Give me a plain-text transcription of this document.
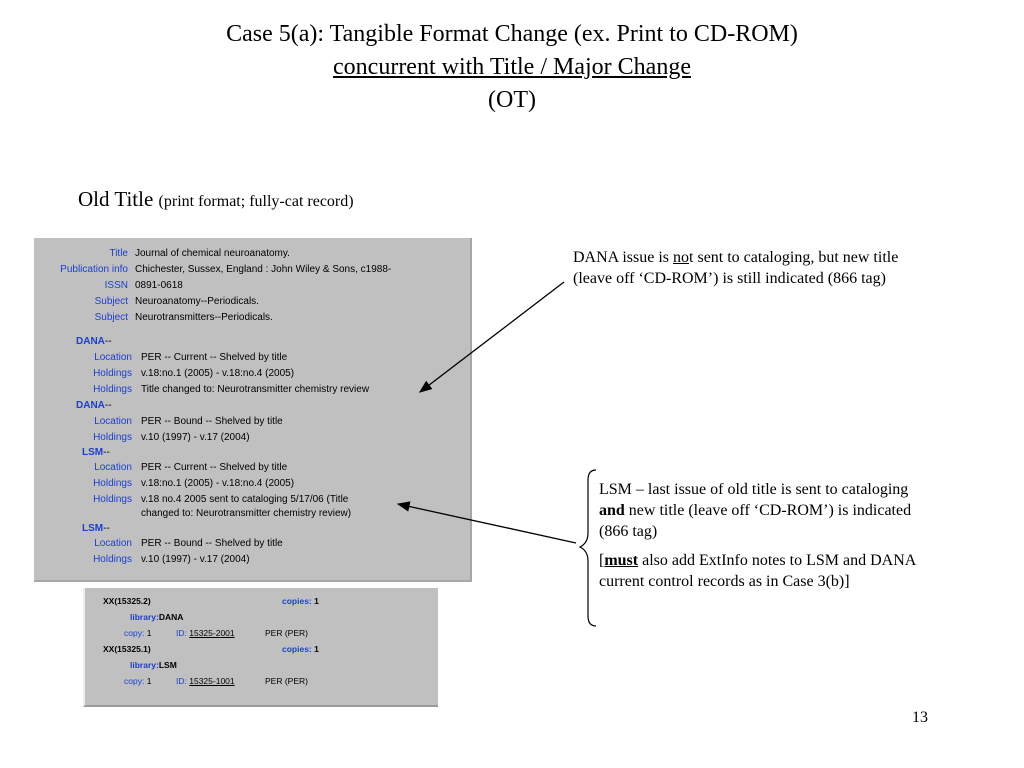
Case 5(a): Tangible Format Change (ex. Print to CD-ROM)
concurrent with Title / Major Change
(OT)
Old Title (print format; fully-cat record)
Title Journal of chemical neuroanatomy.
Publication info Chichester, Sussex, England : John Wiley & Sons, c1988-
ISSN 0891-0618
Subject Neuroanatomy--Periodicals.
Subject Neurotransmitters--Periodicals.
DANA--
Location PER -- Current -- Shelved by title
Holdings v.18:no.1 (2005) - v.18:no.4 (2005)
Holdings Title changed to: Neurotransmitter chemistry review
DANA--
Location PER -- Bound -- Shelved by title
Holdings v.10 (1997) - v.17 (2004)
LSM--
Location PER -- Current -- Shelved by title
Holdings v.18:no.1 (2005) - v.18:no.4 (2005)
Holdings v.18 no.4 2005 sent to cataloging 5/17/06 (Title
changed to: Neurotransmitter chemistry review)
LSM--
Location PER -- Bound -- Shelved by title
Holdings v.10 (1997) - v.17 (2004)
XX(15325.2)	copies: 1
library:DANA
copy: 1	ID: 15325-2001	PER (PER)
XX(15325.1)	copies: 1
library:LSM
copy: 1	ID: 15325-1001	PER (PER)
DANA issue is not sent to cataloging, but new title (leave off ‘CD-ROM’) is still indicated (866 tag)
LSM – last issue of old title is sent to cataloging and new title (leave off ‘CD-ROM’) is indicated (866 tag)
[must also add ExtInfo notes to LSM and DANA current control records as in Case 3(b)]
13
